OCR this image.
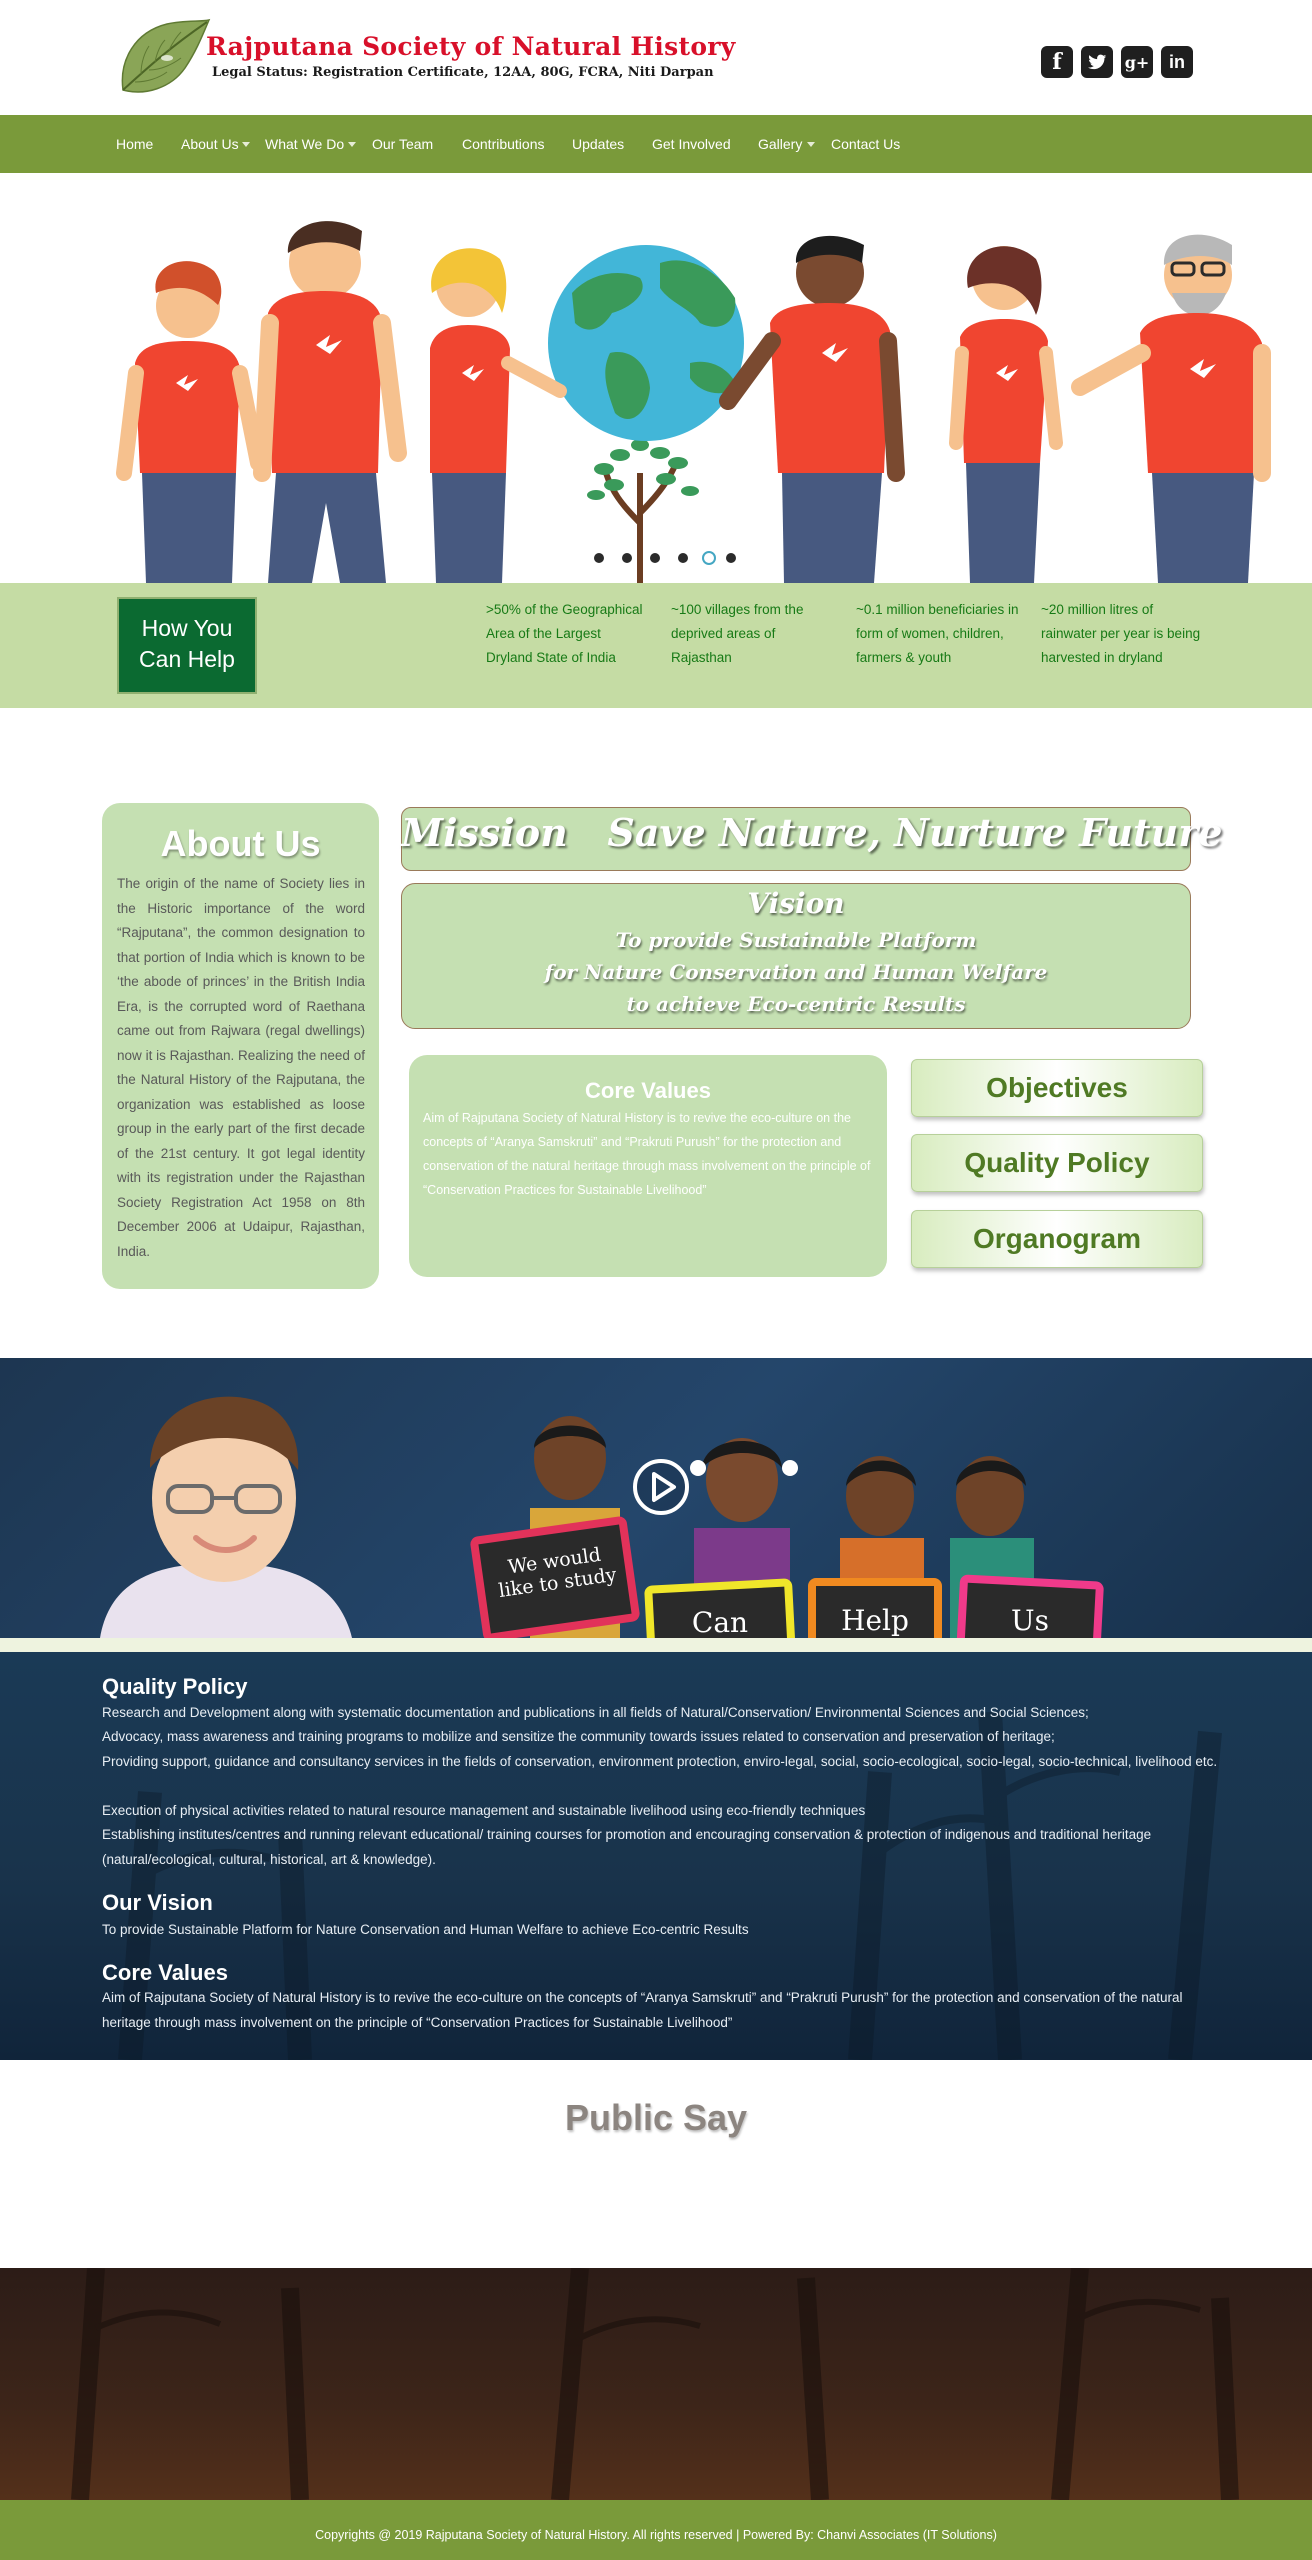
Rajputana Society of Natural History
Legal Status: Registration Certificate, 12AA, 80G, FCRA, Niti Darpan	f	g+ in
Home About Us What We Do Our Team Contributions Updates Get Involved Gallery Contact Us
How You
Can Help
>50% of the Geographical Area of the Largest Dryland State of India
~100 villages from the deprived areas of Rajasthan
~0.1 million beneficiaries in form of women, children, farmers & youth
~20 million litres of rainwater per year is being harvested in dryland
About Us
The origin of the name of Society lies in the Historic importance of the word “Rajputana”, the common designation to that portion of India which is known to be ‘the abode of princes’ in the British India Era, is the corrupted word of Raethana came out from Rajwara (regal dwellings) now it is Rajasthan. Realizing the need of the Natural History of the Rajputana, the organization was established as loose group in the early part of the first decade of the 21st century. It got legal identity with its registration under the Rajasthan Society Registration Act 1958 on 8th December 2006 at Udaipur, Rajasthan, India.
Mission   Save Nature, Nurture Future
Vision
To provide Sustainable Platform
for Nature Conservation and Human Welfare
to achieve Eco-centric Results
Core Values
Aim of Rajputana Society of Natural History is to revive the eco-culture on the concepts of “Aranya Samskruti” and “Prakruti Purush” for the protection and conservation of the natural heritage through mass involvement on the principle of “Conservation Practices for Sustainable Livelihood”
Objectives
Quality Policy
Organogram
We would like to study
Can	Help	Us
Quality Policy
Research and Development along with systematic documentation and publications in all fields of Natural/Conservation/ Environmental Sciences and Social Sciences;
Advocacy, mass awareness and training programs to mobilize and sensitize the community towards issues related to conservation and preservation of heritage;
Providing support, guidance and consultancy services in the fields of conservation, environment protection, enviro-legal, social, socio-ecological, socio-legal, socio-technical, livelihood etc.
Execution of physical activities related to natural resource management and sustainable livelihood using eco-friendly techniques
Establishing institutes/centres and running relevant educational/ training courses for promotion and encouraging conservation & protection of indigenous and traditional heritage (natural/ecological, cultural, historical, art & knowledge).
Our Vision
To provide Sustainable Platform for Nature Conservation and Human Welfare to achieve Eco-centric Results
Core Values
Aim of Rajputana Society of Natural History is to revive the eco-culture on the concepts of “Aranya Samskruti” and “Prakruti Purush” for the protection and conservation of the natural heritage through mass involvement on the principle of “Conservation Practices for Sustainable Livelihood”
Public Say
Copyrights @ 2019 Rajputana Society of Natural History. All rights reserved | Powered By: Chanvi Associates (IT Solutions)
